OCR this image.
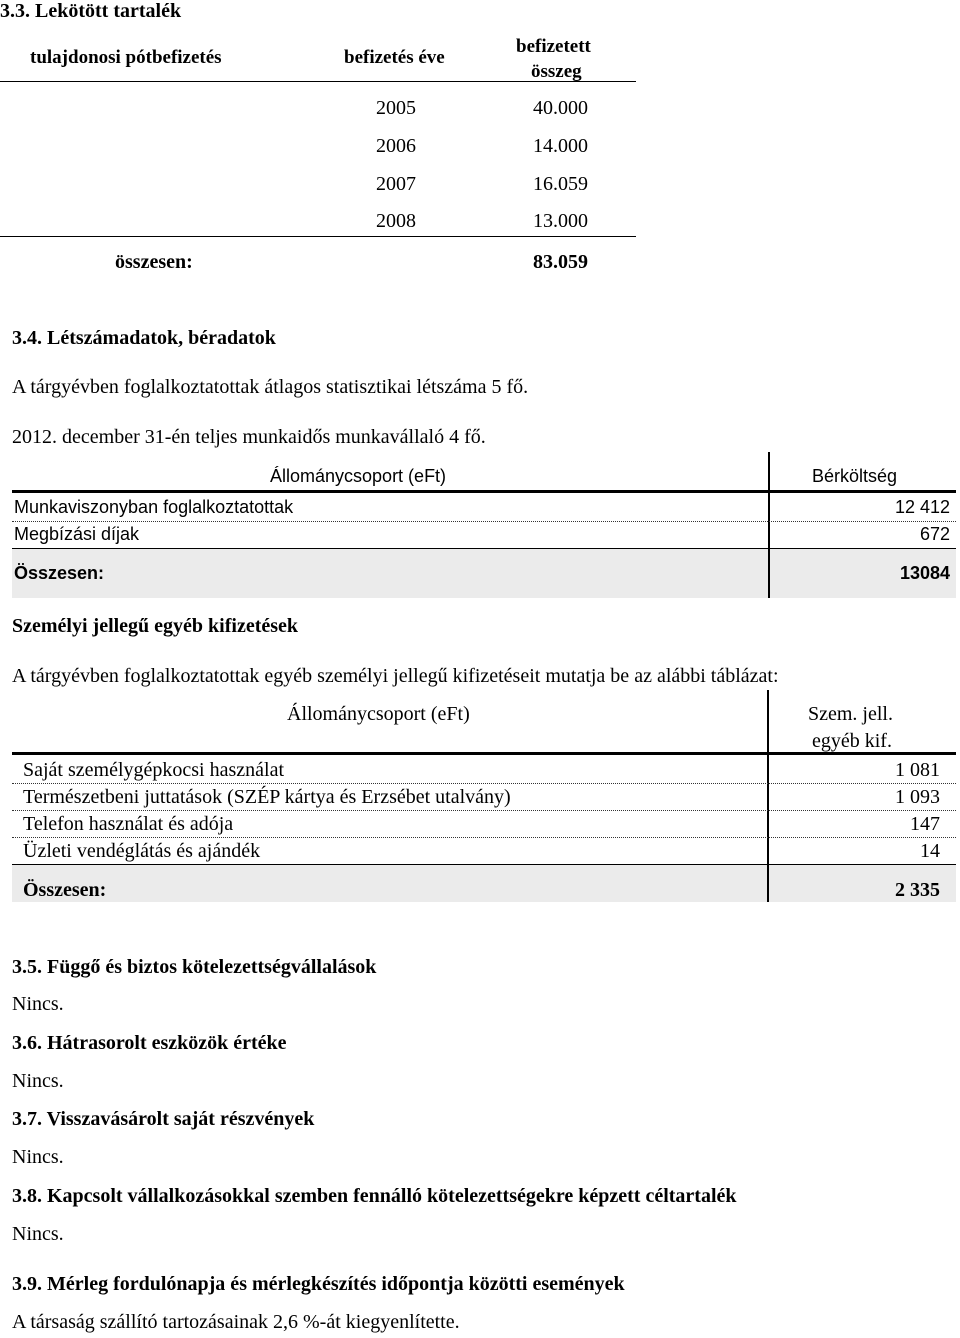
3.3. Lekötött tartalék
tulajdonosi pótbefizetés	befizetés éve
befizetett
összeg
2005	40.000
2006	14.000
2007	16.059
2008	13.000
összesen:	83.059
3.4. Létszámadatok, béradatok
A tárgyévben foglalkoztatottak átlagos statisztikai létszáma 5 fő.
2012. december 31-én teljes munkaidős munkavállaló 4 fő.
Állománycsoport (eFt)	Bérköltség
Munkaviszonyban foglalkoztatottak	12 412
Megbízási díjak	672
Összesen:	13084
Személyi jellegű egyéb kifizetések
A tárgyévben foglalkoztatottak egyéb személyi jellegű kifizetéseit mutatja be az alábbi táblázat:
Állománycsoport (eFt)	Szem. jell.
egyéb kif.
Saját személygépkocsi használat	1 081
Természetbeni juttatások (SZÉP kártya és Erzsébet utalvány)	1 093
Telefon használat és adója	147
Üzleti vendéglátás és ajándék	14
Összesen:	2 335
3.5. Függő és biztos kötelezettségvállalások
Nincs.
3.6. Hátrasorolt eszközök értéke
Nincs.
3.7. Visszavásárolt saját részvények
Nincs.
3.8. Kapcsolt vállalkozásokkal szemben fennálló kötelezettségekre képzett céltartalék
Nincs.
3.9. Mérleg fordulónapja és mérlegkészítés időpontja közötti események
A társaság szállító tartozásainak 2,6 %-át kiegyenlítette.
